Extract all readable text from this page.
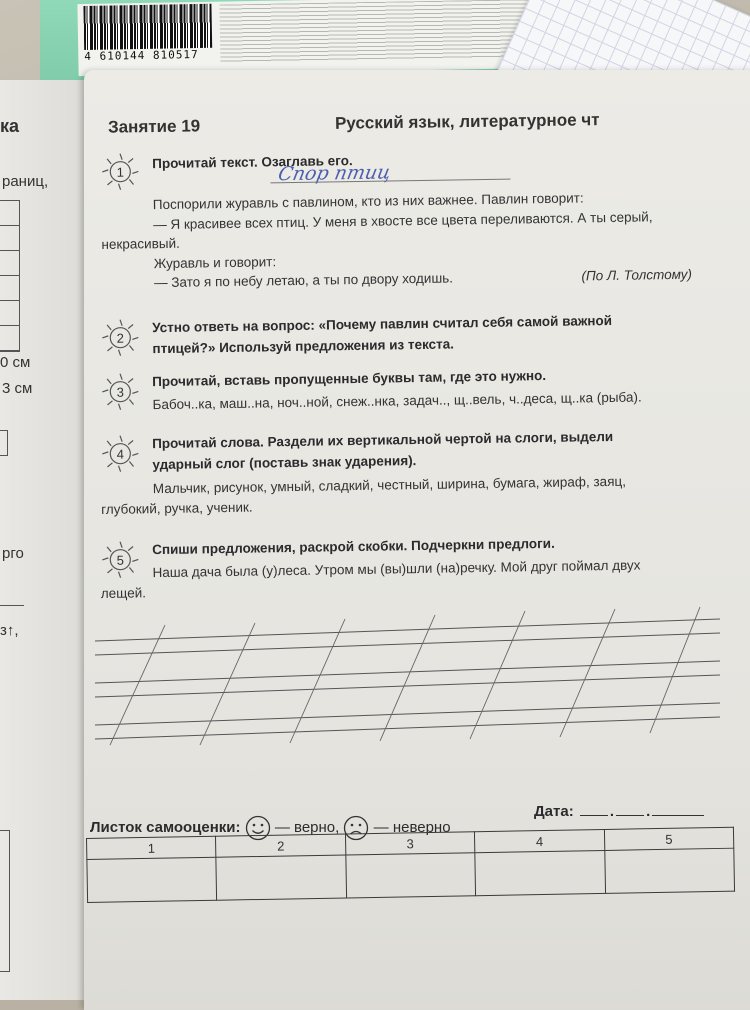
4 610144 810517
ка
раниц,
0 см
3 см
рго
з↑,
Занятие 19	Русский язык, литературное чт
1
Прочитай текст. Озаглавь его.
Спор птиц
Поспорили журавль с павлином, кто из них важнее. Павлин говорит:
— Я красивее всех птиц. У меня в хвосте все цвета переливаются. А ты серый,
некрасивый.
Журавль и говорит:
— Зато я по небу летаю, а ты по двору ходишь.	(По Л. Толстому)
2
Устно ответь на вопрос: «Почему павлин считал себя самой важной
птицей?» Используй предложения из текста.
3
Прочитай, вставь пропущенные буквы там, где это нужно.
Бабоч..ка, маш..на, ноч..ной, снеж..нка, задач.., щ..вель, ч..деса, щ..ка (рыба).
4
Прочитай слова. Раздели их вертикальной чертой на слоги, выдели
ударный слог (поставь знак ударения).
Мальчик, рисунок, умный, сладкий, честный, ширина, бумага, жираф, заяц,
глубокий, ручка, ученик.
5
Спиши предложения, раскрой скобки. Подчеркни предлоги.
Наша дача была (у)леса. Утром мы (вы)шли (на)речку. Мой друг поймал двух
лещей.
Листок самооценки: — верно, — неверно
Дата: . .
1	2	3	4	5
